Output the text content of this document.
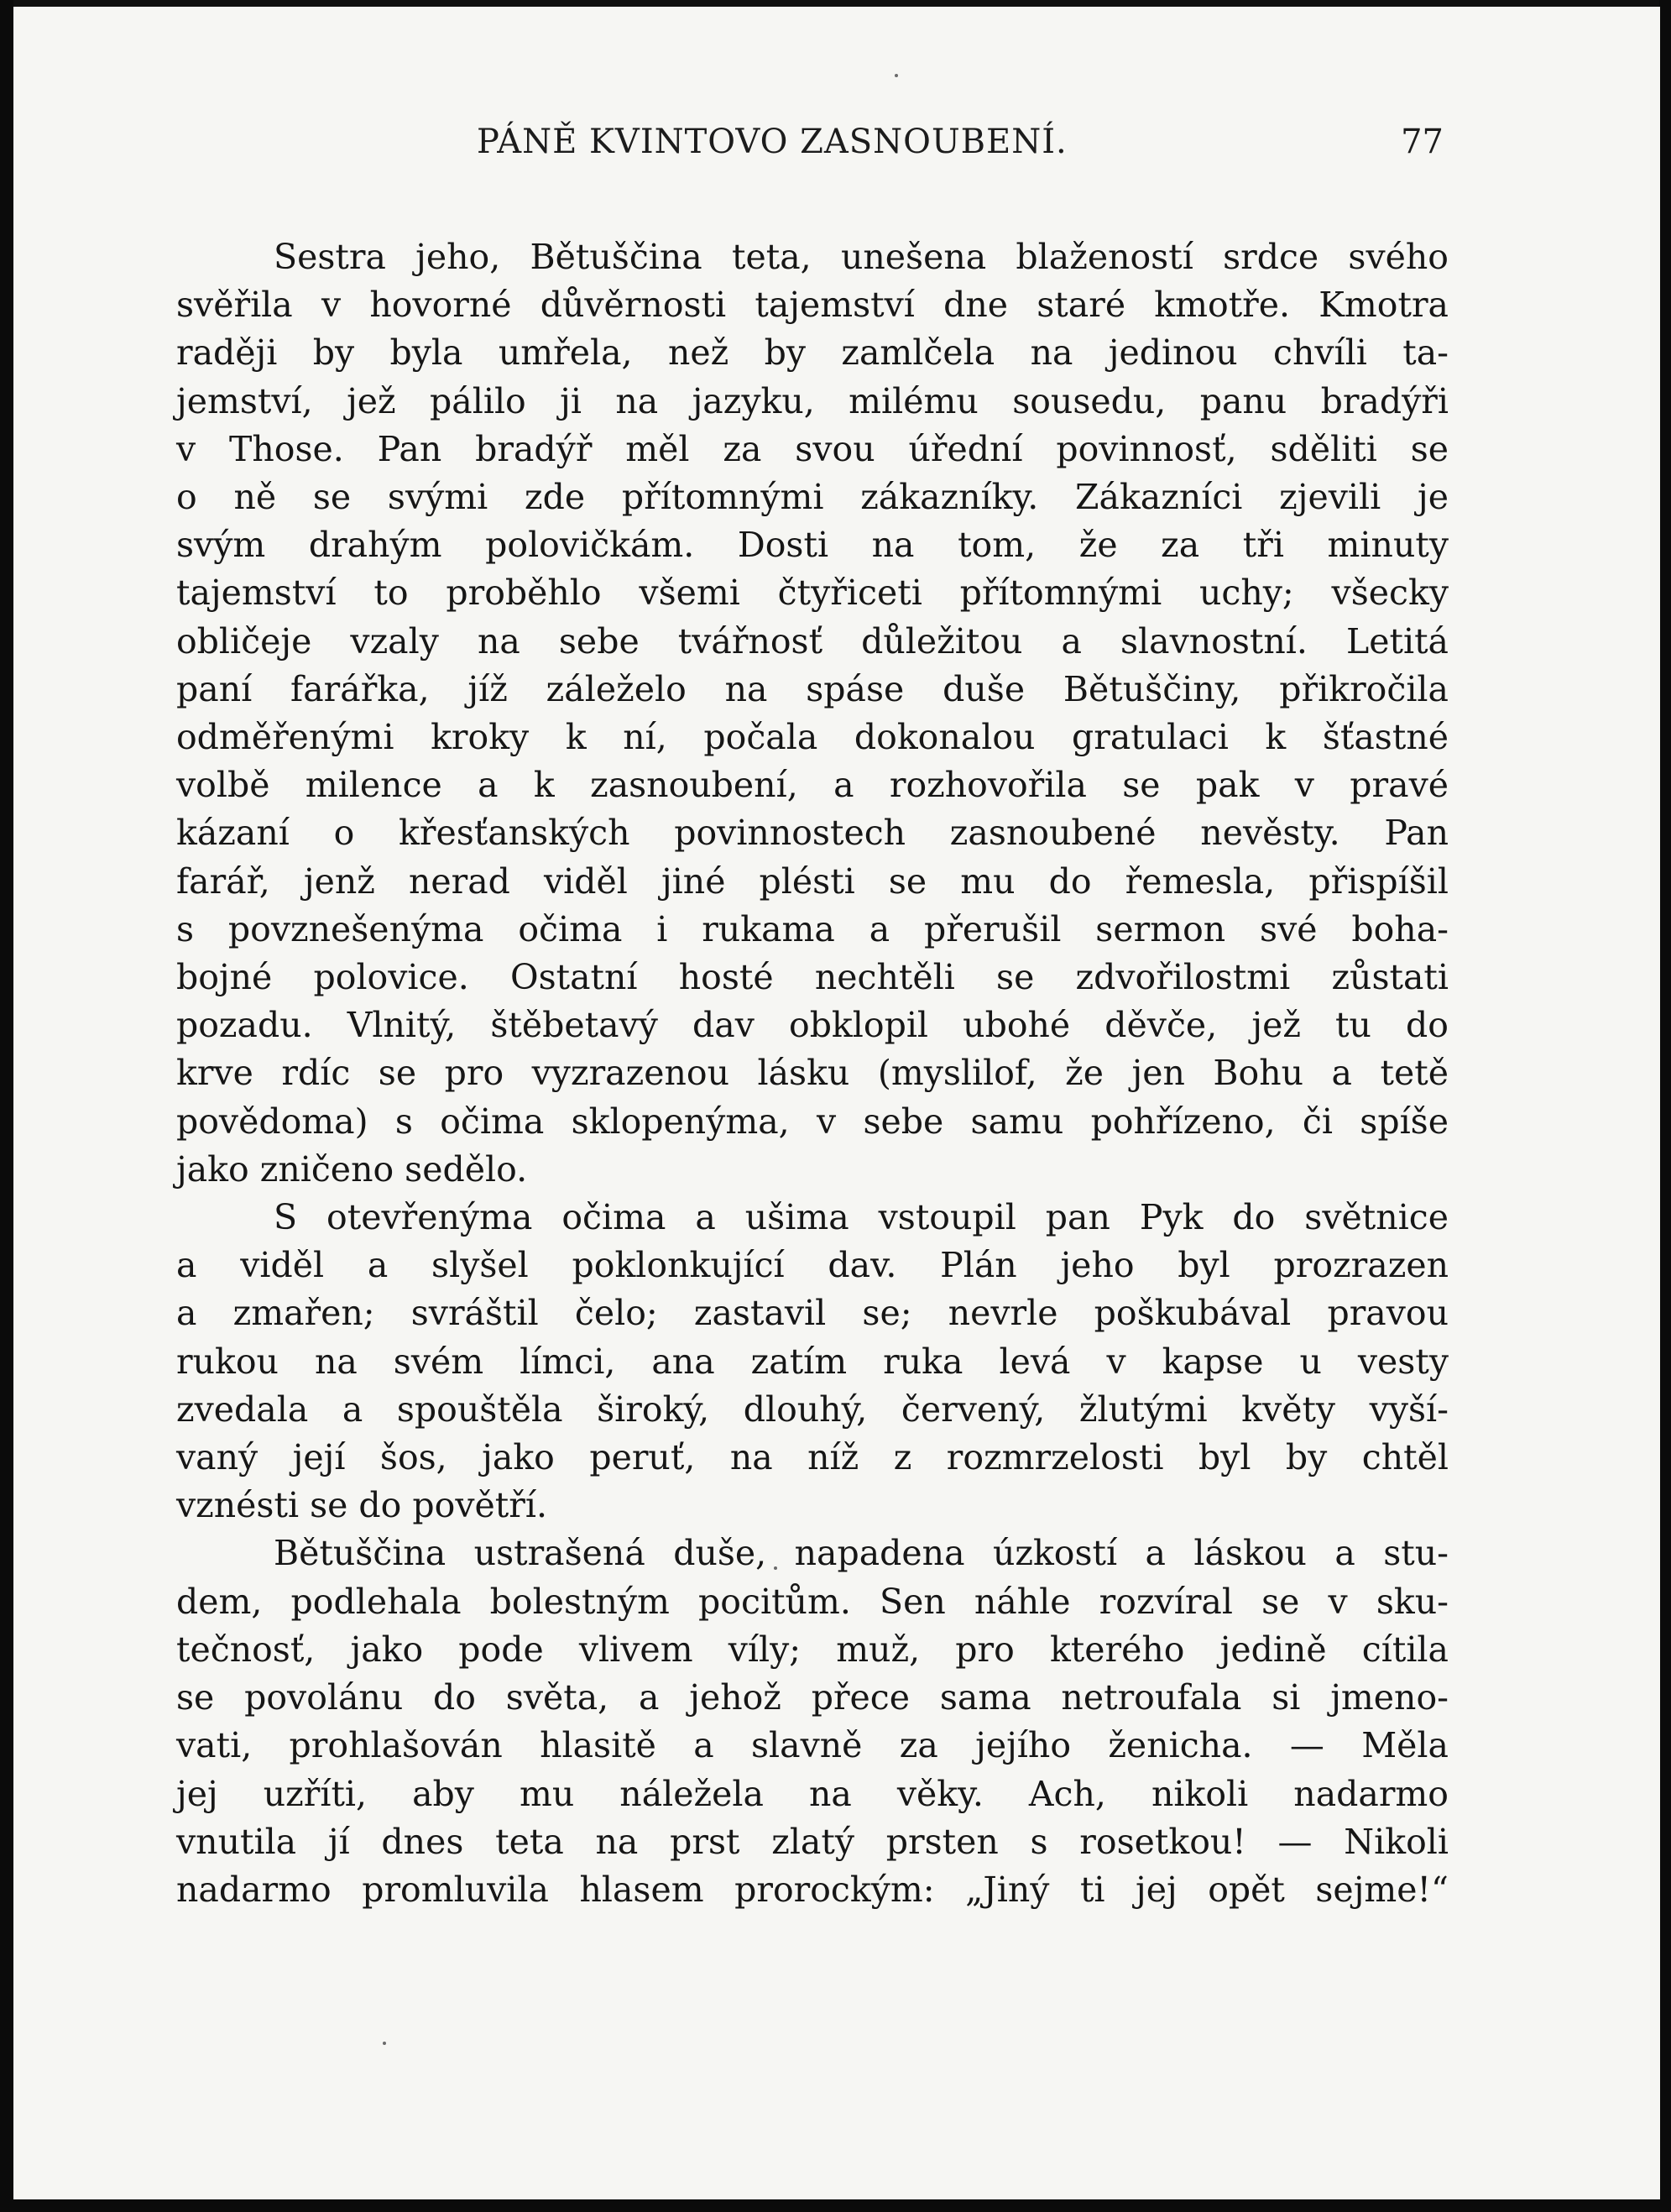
PÁNĚ KVINTOVO ZASNOUBENÍ.	77
Sestra jeho, Bětuščina teta, unešena blažeností srdce svého
svěřila v hovorné důvěrnosti tajemství dne staré kmotře. Kmotra
raději by byla umřela, než by zamlčela na jedinou chvíli ta-
jemství, jež pálilo ji na jazyku, milému sousedu, panu bradýři
v Those. Pan bradýř měl za svou úřední povinnosť, sděliti se
o ně se svými zde přítomnými zákazníky. Zákazníci zjevili je
svým drahým polovičkám. Dosti na tom, že za tři minuty
tajemství to proběhlo všemi čtyřiceti přítomnými uchy; všecky
obličeje vzaly na sebe tvářnosť důležitou a slavnostní. Letitá
paní farářka, jíž záleželo na spáse duše Bětuščiny, přikročila
odměřenými kroky k ní, počala dokonalou gratulaci k šťastné
volbě milence a k zasnoubení, a rozhovořila se pak v pravé
kázaní o křesťanských povinnostech zasnoubené nevěsty. Pan
farář, jenž nerad viděl jiné plésti se mu do řemesla, přispíšil
s povznešenýma očima i rukama a přerušil sermon své boha-
bojné polovice. Ostatní hosté nechtěli se zdvořilostmi zůstati
pozadu. Vlnitý, štěbetavý dav obklopil ubohé děvče, jež tu do
krve rdíc se pro vyzrazenou lásku (myslilof, že jen Bohu a tetě
povědoma) s očima sklopenýma, v sebe samu pohřízeno, či spíše
jako zničeno sedělo.
S otevřenýma očima a ušima vstoupil pan Pyk do světnice
a viděl a slyšel poklonkující dav. Plán jeho byl prozrazen
a zmařen; svráštil čelo; zastavil se; nevrle poškubával pravou
rukou na svém límci, ana zatím ruka levá v kapse u vesty
zvedala a spouštěla široký, dlouhý, červený, žlutými květy vyší-
vaný její šos, jako peruť, na níž z rozmrzelosti byl by chtěl
vznésti se do povětří.
Bětuščina ustrašená duše, napadena úzkostí a láskou a stu-
dem, podlehala bolestným pocitům. Sen náhle rozvíral se v sku-
tečnosť, jako pode vlivem víly; muž, pro kterého jedině cítila
se povolánu do světa, a jehož přece sama netroufala si jmeno-
vati, prohlašován hlasitě a slavně za jejího ženicha. — Měla
jej uzříti, aby mu náležela na věky. Ach, nikoli nadarmo
vnutila jí dnes teta na prst zlatý prsten s rosetkou! — Nikoli
nadarmo promluvila hlasem prorockým: „Jiný ti jej opět sejme!“
